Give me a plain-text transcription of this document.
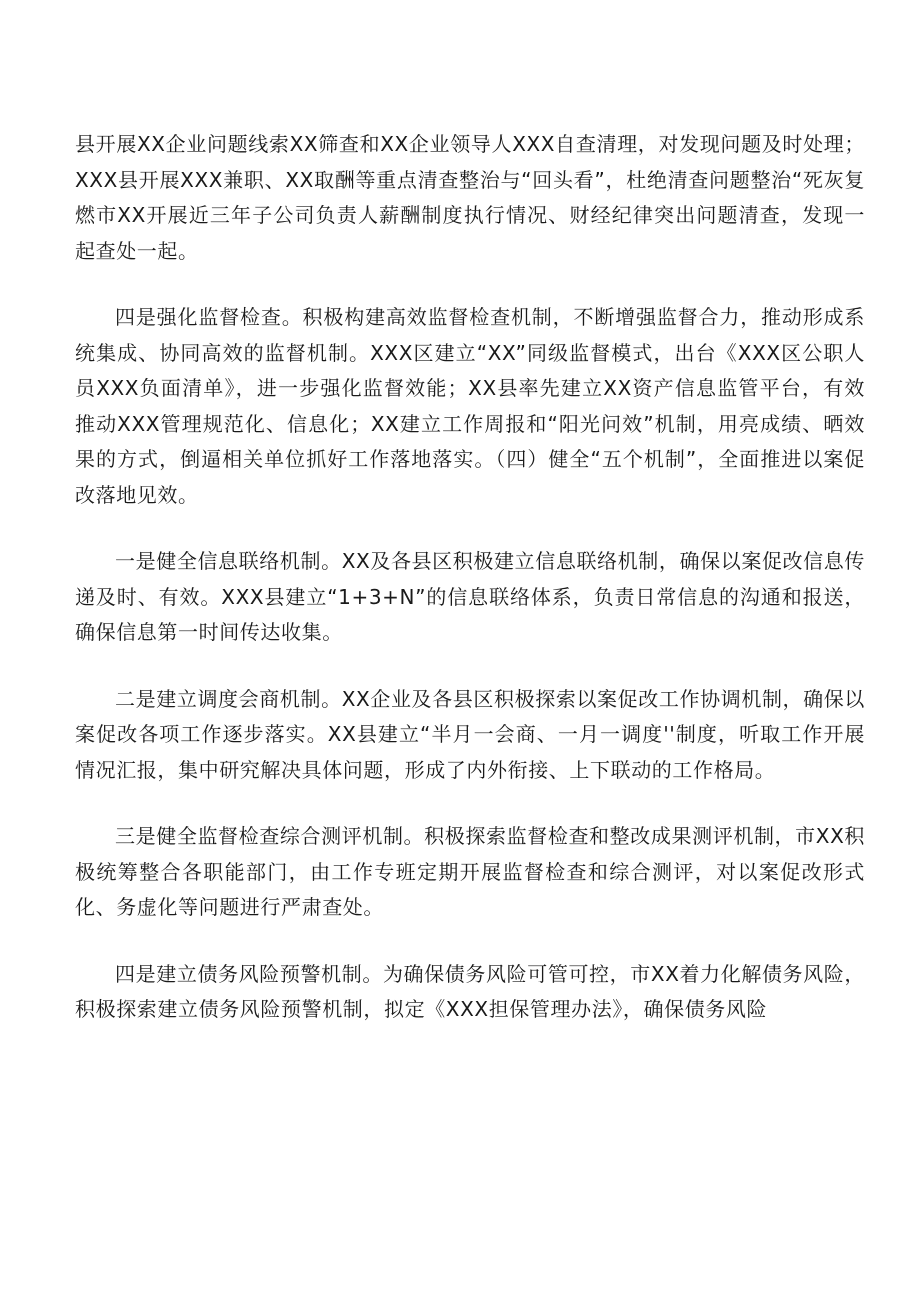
县开展XX企业问题线索XX筛查和XX企业领导人XXX自查清理，对发现问题及时处理；XXX县开展XXX兼职、XX取酬等重点清查整治与“回头看”，杜绝清查问题整治“死灰复燃市XX开展近三年子公司负责人薪酬制度执行情况、财经纪律突出问题清查，发现一起查处一起。

四是强化监督检查。积极构建高效监督检查机制，不断增强监督合力，推动形成系统集成、协同高效的监督机制。XXX区建立“XX”同级监督模式，出台《XXX区公职人员XXX负面清单》，进一步强化监督效能；XX县率先建立XX资产信息监管平台，有效推动XXX管理规范化、信息化；XX建立工作周报和“阳光问效”机制，用亮成绩、晒效果的方式，倒逼相关单位抓好工作落地落实。（四）健全“五个机制”，全面推进以案促改落地见效。

一是健全信息联络机制。XX及各县区积极建立信息联络机制，确保以案促改信息传递及时、有效。XXX县建立“1+3+N”的信息联络体系，负责日常信息的沟通和报送，确保信息第一时间传达收集。

二是建立调度会商机制。XX企业及各县区积极探索以案促改工作协调机制，确保以案促改各项工作逐步落实。XX县建立“半月一会商、一月一调度''制度，听取工作开展情况汇报，集中研究解决具体问题，形成了内外衔接、上下联动的工作格局。

三是健全监督检查综合测评机制。积极探索监督检查和整改成果测评机制，市XX积极统筹整合各职能部门，由工作专班定期开展监督检查和综合测评，对以案促改形式化、务虚化等问题进行严肃查处。

四是建立债务风险预警机制。为确保债务风险可管可控，市XX着力化解债务风险，积极探索建立债务风险预警机制，拟定《XXX担保管理办法》，确保债务风险
